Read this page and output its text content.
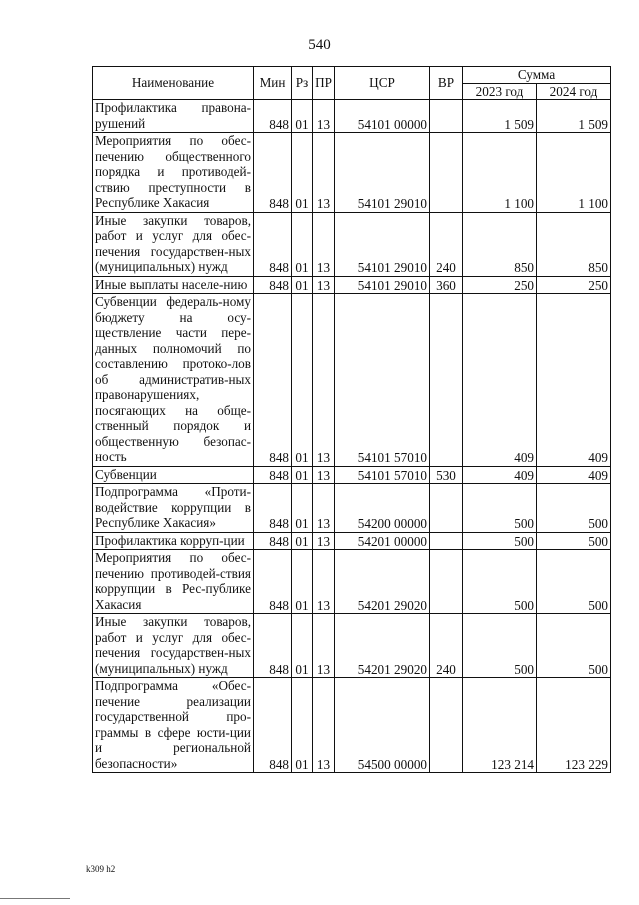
540
Наименование	Мин	Рз	ПР	ЦСР	ВР	Сумма	
						2023 год	2024 год
Профилактика правона-рушений	848	01	13	54101 00000		1 509	1 509
Мероприятия по обес-печению общественного порядка и противодей-ствию преступности в Республике Хакасия	848	01	13	54101 29010		1 100	1 100
Иные закупки товаров, работ и услуг для обес-печения государствен-ных (муниципальных) нужд	848	01	13	54101 29010	240	850	850
Иные выплаты населе-нию	848	01	13	54101 29010	360	250	250
Субвенции федераль-ному бюджету на осу-ществление части пере-данных полномочий по составлению протоко-лов об административ-ных правонарушениях, посягающих на обще-ственный порядок и общественную безопас-ность	848	01	13	54101 57010		409	409
Субвенции	848	01	13	54101 57010	530	409	409
Подпрограмма «Проти-водействие коррупции в Республике Хакасия»	848	01	13	54200 00000		500	500
Профилактика корруп-ции	848	01	13	54201 00000		500	500
Мероприятия по обес-печению противодей-ствия коррупции в Рес-публике Хакасия	848	01	13	54201 29020		500	500
Иные закупки товаров, работ и услуг для обес-печения государствен-ных (муниципальных) нужд	848	01	13	54201 29020	240	500	500
Подпрограмма «Обес-печение реализации государственной про-граммы в сфере юсти-ции и региональной безопасности»	848	01	13	54500 00000		123 214	123 229
k309 h2
